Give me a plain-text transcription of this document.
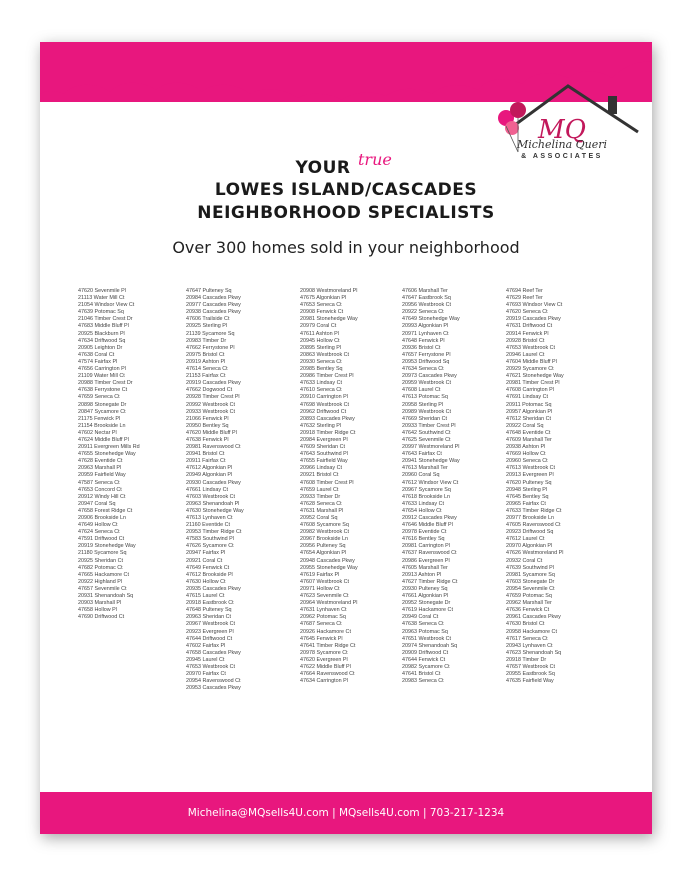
MQ
Michelina Queri
& ASSOCIATES
YOUR true
LOWES ISLAND/CASCADES
NEIGHBORHOOD SPECIALISTS
Over 300 homes sold in your neighborhood
47620 Sevenmile Pl
21113 Water Mill Ct
21054 Windsor View Ct
47639 Potomac Sq
21046 Timber Crest Dr
47683 Middle Bluff Pl
20925 Blackburn Pl
47634 Driftwood Sq
20905 Leighton Dr
47638 Coral Ct
47574 Fairfax Pl
47656 Carrington Pl
21109 Water Mill Ct
20988 Timber Crest Dr
47638 Ferrystone Ct
47659 Seneca Ct
20898 Stonegate Dr
20847 Sycamore Ct
21175 Fenwick Pl
21154 Brookside Ln
47602 Nectar Pl
47624 Middle Bluff Pl
20911 Evergreen Mills Rd
47655 Stonehedge Way
47628 Eventide Ct
20963 Marshall Pl
20959 Fairfield Way
47587 Seneca Ct
47653 Concord Ct
20912 Windy Hill Ct
20947 Coral Sq
47658 Forest Ridge Ct
20906 Brookside Ln
47649 Hollow Ct
47624 Seneca Ct
47591 Driftwood Ct
20919 Stonehedge Way
21180 Sycamore Sq
20925 Sheridan Ct
47682 Potomac Ct
47665 Hackamore Ct
20922 Highland Pl
47657 Sevenmile Ct
20931 Shenandoah Sq
20903 Marshall Pl
47658 Hollow Pl
47690 Driftwood Ct
47647 Pulteney Sq
20984 Cascades Pkwy
20977 Cascades Pkwy
20938 Cascades Pkwy
47606 Trailside Ct
20925 Sterling Pl
21139 Sycamore Sq
20983 Timber Dr
47662 Ferrystone Pl
20975 Bristol Ct
20919 Ashton Pl
47614 Seneca Ct
21153 Fairfax Ct
20919 Cascades Pkwy
47662 Dogwood Ct
20928 Timber Crest Pl
20992 Westbrook Ct
20933 Westbrook Ct
21066 Fenwick Pl
20950 Bentley Sq
47620 Middle Bluff Pl
47638 Fenwick Pl
20981 Ravenswood Ct
20941 Bristol Ct
20911 Fairfax Ct
47612 Algonkian Pl
20949 Algonkian Pl
20930 Cascades Pkwy
47661 Lindsay Ct
47603 Westbrook Ct
20963 Shenandoah Pl
47630 Stonehedge Way
47613 Lynhaven Ct
21160 Eventide Ct
20953 Timber Ridge Ct
47583 Southwind Pl
47626 Sycamore Ct
20947 Fairfax Pl
20921 Coral Ct
47649 Fenwick Ct
47612 Brookside Pl
47630 Hollow Ct
20935 Cascades Pkwy
47615 Laurel Ct
20918 Eastbrook Ct
47648 Pulteney Sq
20963 Sheridan Ct
20967 Westbrook Ct
20923 Evergreen Pl
47644 Driftwood Ct
47602 Fairfax Pl
47658 Cascades Pkwy
20945 Laurel Ct
47653 Westbrook Ct
20970 Fairfax Ct
20954 Ravenswood Ct
20953 Cascades Pkwy
20908 Westmoreland Pl
47675 Algonkian Pl
47653 Seneca Ct
20908 Fenwick Ct
20981 Stonehedge Way
20979 Coral Ct
47611 Ashton Pl
20945 Hollow Ct
20895 Sterling Pl
20863 Westbrook Ct
20930 Seneca Ct
20985 Bentley Sq
20986 Timber Crest Pl
47633 Lindsay Ct
47610 Seneca Ct
20910 Carrington Pl
47698 Westbrook Ct
20962 Driftwood Ct
20893 Cascades Pkwy
47632 Sterling Pl
20918 Timber Ridge Ct
20984 Evergreen Pl
47609 Sheridan Ct
47643 Southwind Pl
47655 Fairfield Way
20966 Lindsay Ct
20921 Bristol Ct
47608 Timber Crest Pl
47659 Laurel Ct
20933 Timber Dr
47628 Seneca Ct
47631 Marshall Pl
20952 Coral Sq
47608 Sycamore Sq
20982 Westbrook Ct
20967 Brookside Ln
20956 Pulteney Sq
47654 Algonkian Pl
20948 Cascades Pkwy
20955 Stonehedge Way
47619 Fairfax Pl
47607 Westbrook Ct
20971 Hollow Ct
47623 Sevenmile Ct
20964 Westmoreland Pl
47631 Lynhaven Ct
20962 Potomac Sq
47687 Seneca Ct
20926 Hackamore Ct
47645 Fenwick Pl
47641 Timber Ridge Ct
20978 Sycamore Ct
47620 Evergreen Pl
47622 Middle Bluff Pl
47664 Ravenswood Ct
47634 Carrington Pl
47606 Marshall Ter
47647 Eastbrook Sq
20956 Westbrook Ct
20922 Seneca Ct
47649 Stonehedge Way
20993 Algonkian Pl
20971 Lynhaven Ct
47648 Fenwick Pl
20936 Bristol Ct
47657 Ferrystone Pl
20953 Driftwood Sq
47634 Seneca Ct
20973 Cascades Pkwy
20959 Westbrook Ct
47608 Laurel Ct
47613 Potomac Sq
20958 Sterling Pl
20989 Westbrook Ct
47669 Sheridan Ct
20933 Timber Crest Pl
47642 Southwind Ct
47625 Sevenmile Ct
20997 Westmoreland Pl
47643 Fairfax Ct
20941 Stonehedge Way
47613 Marshall Ter
20960 Coral Sq
47612 Windsor View Ct
20967 Sycamore Sq
47618 Brookside Ln
47633 Lindsay Ct
47654 Hollow Ct
20912 Cascades Pkwy
47646 Middle Bluff Pl
20978 Eventide Ct
47616 Bentley Sq
20981 Carrington Pl
47637 Ravenswood Ct
20986 Evergreen Pl
47605 Marshall Ter
20913 Ashton Pl
47627 Timber Ridge Ct
20930 Pulteney Sq
47661 Algonkian Pl
20952 Stonegate Dr
47619 Hackamore Ct
20949 Coral Ct
47638 Seneca Ct
20963 Potomac Sq
47651 Westbrook Ct
20974 Shenandoah Sq
20909 Driftwood Ct
47644 Fenwick Ct
20982 Sycamore Ct
47641 Bristol Ct
20983 Seneca Ct
47694 Reef Ter
47629 Reef Ter
47693 Windsor View Ct
47620 Seneca Ct
20919 Cascades Pkwy
47631 Driftwood Ct
20914 Fenwick Pl
20928 Bristol Ct
47653 Westbrook Ct
20946 Laurel Ct
47604 Middle Bluff Pl
20929 Sycamore Ct
47621 Stonehedge Way
20981 Timber Crest Pl
47608 Carrington Pl
47691 Lindsay Ct
20911 Potomac Sq
20957 Algonkian Pl
47612 Sheridan Ct
20922 Coral Sq
47648 Eventide Ct
47609 Marshall Ter
20938 Ashton Pl
47669 Hollow Ct
20960 Seneca Ct
47613 Westbrook Ct
20913 Evergreen Pl
47620 Pulteney Sq
20948 Sterling Pl
47645 Bentley Sq
20965 Fairfax Ct
47633 Timber Ridge Ct
20977 Brookside Ln
47605 Ravenswood Ct
20923 Driftwood Sq
47612 Laurel Ct
20970 Algonkian Pl
47626 Westmoreland Pl
20932 Coral Ct
47639 Southwind Pl
20981 Sycamore Sq
47603 Stonegate Dr
20954 Sevenmile Ct
47659 Potomac Sq
20962 Marshall Ter
47636 Fenwick Ct
20961 Cascades Pkwy
47630 Bristol Ct
20958 Hackamore Ct
47617 Seneca Ct
20943 Lynhaven Ct
47623 Shenandoah Sq
20918 Timber Dr
47657 Westbrook Ct
20955 Eastbrook Sq
47635 Fairfield Way
Michelina@MQsells4U.com | MQsells4U.com | 703-217-1234
